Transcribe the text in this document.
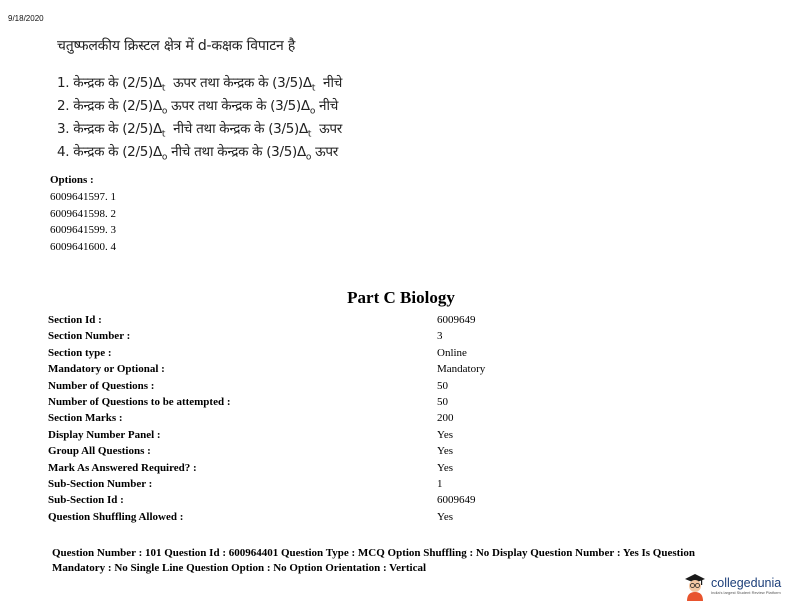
9/18/2020
चतुष्फलकीय क्रिस्टल क्षेत्र में d-कक्षक विपाटन है
1. केन्द्रक के $(2/5)\Delta_t$  ऊपर तथा केन्द्रक के $(3/5)\Delta_t$  नीचे
2. केन्द्रक के $(2/5)\Delta_o$ ऊपर तथा केन्द्रक के $(3/5)\Delta_o$ नीचे
3. केन्द्रक के $(2/5)\Delta_t$  नीचे तथा केन्द्रक के $(3/5)\Delta_t$  ऊपर
4. केन्द्रक के $(2/5)\Delta_o$ नीचे तथा केन्द्रक के $(3/5)\Delta_o$ ऊपर
Options :
6009641597. 1
6009641598. 2
6009641599. 3
6009641600. 4
Part C Biology
Section Id :	6009649
Section Number :	3
Section type :	Online
Mandatory or Optional :	Mandatory
Number of Questions :	50
Number of Questions to be attempted :	50
Section Marks :	200
Display Number Panel :	Yes
Group All Questions :	Yes
Mark As Answered Required? :	Yes
Sub-Section Number :	1
Sub-Section Id :	6009649
Question Shuffling Allowed :	Yes
Question Number : 101 Question Id : 600964401 Question Type : MCQ Option Shuffling : No Display Question Number : Yes Is Question Mandatory : No Single Line Question Option : No Option Orientation : Vertical
collegedunia
India's largest Student Review Platform
